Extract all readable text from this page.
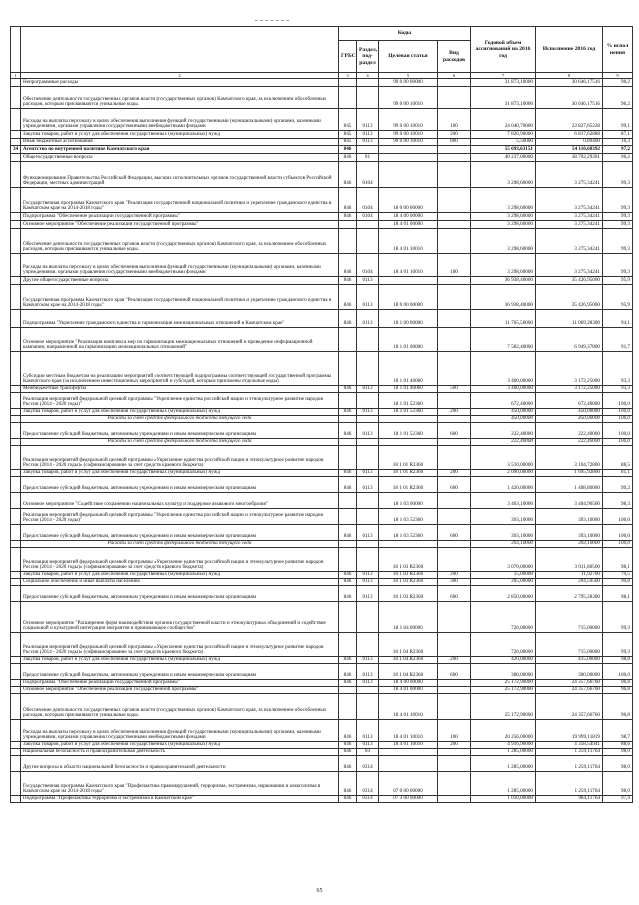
		Коды				Годовой объем ассигнований на 2016 год	Исполнение 2016 год	% испол нения
		ГРБС	Раздел, под-раздел	Целевая статья	Вид расходов			
1	2	3	4	5	6	7	8	9
	Непрограммные расходы			99 0 00 00000		31 873,10000	30 646,17516	96,2
	Обеспечение деятельности государственных органов власти (государственных органов) Камчатского края, за исключением обособленных расходов, которым присваиваются уникальные коды.			99 0 00 10010		31 873,10000	30 646,17516	96,2
	Расходы на выплаты персоналу в целях обеспечения выполнения функций государственными (муниципальными) органами, казенными учреждениями, органами управления государственными внебюджетными фондами	845	0113	99 0 00 10010	100	24 040,70000	23 827,65228	99,1
	Закупка товаров, работ и услуг для обеспечения государственных (муниципальных) нужд	845	0113	99 0 00 10010	200	7 826,90000	6 817,62888	87,1
	Иные бюджетные ассигнования	845	0113	99 0 00 10010	800	5,50000	0,89400	16,3
34	Агентство по внутренней политике Камчатского края	846				55 693,63151	54 110,68392	97,2
	Общегосударственные вопросы	846	01			40 237,00000	38 702,29301	96,2
	Функционирование Правительства Российской Федерации, высших исполнительных органов государственной власти субъектов Российской Федерации, местных администраций	846	0104			3 298,60000	3 275,34241	99,3
	Государственная программа Камчатского края "Реализация государственной национальной политики и укрепление гражданского единства в Камчатском крае на 2014-2018 годы"	846	0104	18 0 00 00000		3 298,60000	3 275,34241	99,3
	Подпрограмма "Обеспечение реализации государственной программы"	846	0104	18 4 00 00000		3 298,60000	3 275,34241	99,3
	Основное мероприятие "Обеспечение реализации государственной программы"			18 4 01 00000		3 298,60000	3 275,34241	99,3
	Обеспечение деятельности государственных органов власти (государственных органов) Камчатского края, за исключением обособленных расходов, которым присваиваются уникальные коды.			18 4 01 10010		3 298,60000	3 275,34241	99,3
	Расходы на выплаты персоналу в целях обеспечения выполнения функций государственными (муниципальными) органами, казенными учреждениями, органами управления государственными внебюджетными фондами	846	0104	18 4 01 10010	100	3 298,60000	3 275,34241	99,3
	Другие общегосударственные вопросы	846	0113			36 938,40000	35 426,95060	95,9
	Государственная программа Камчатского края "Реализация государственной национальной политики и укрепление гражданского единства в Камчатском крае на 2014-2018 годы"	846	0113	18 0 00 00000		36 938,40000	35 426,95060	95,9
	Подпрограмма "Укрепление гражданского единства и гармонизация межнациональных отношений в Камчатском крае"	846	0113	18 1 00 00000		11 765,50000	11 069,28300	94,1
	Основное мероприятие "Реализация комплекса мер по гармонизации межнациональных отношений и проведение информационной кампании, направленной на гармонизацию межнациональных отношений"			18 1 01 00000		7 582,40000	6 949,37800	91,7
	Субсидии местным бюджетам на реализацию мероприятий соответствующей подпрограммы соответствующей государственной программы Камчатского края (за исключением инвестиционных мероприятий и субсидий, которым присвоены отдельные коды)			18 1 01 40060		3 400,00000	3 172,25000	93,3
	Межбюджетные трансферты	846	0113	18 1 01 40060	500	3 400,00000	3 172,25000	93,3
	Реализация мероприятий федеральной целевой программы "Укрепление единства российской нации и этнокультурное развитие народов России (2014 - 2020 годы)"			18 1 01 52360		672,40000	672,40000	100,0
	Закупка товаров, работ и услуг для обеспечения государственных (муниципальных) нужд	846	0113	18 1 01 52360	200	450,00000	450,00000	100,0
	Расходы за счет средств федерального бюджета текущего года					450,00000	450,00000	100,0
	Предоставление субсидий бюджетным, автономным учреждениям и иным некоммерческим организациям	846	0113	18 1 01 52360	600	222,40000	222,40000	100,0
	Расходы за счет средств федерального бюджета текущего года					222,40000	222,40000	100,0
	Реализация мероприятий федеральной целевой программы «Укрепление единства российской нации и этнокультурное развитие народов России (2014 - 2020 годы)» (софинансирование за счет средств краевого бюджета)			18 1 01 R2360		3 510,00000	3 104,72800	88,5
	Закупка товаров, работ и услуг для обеспечения государственных (муниципальных) нужд	846	0113	18 1 01 R2360	200	2 090,00000	1 695,92800	81,1
	Предоставление субсидий бюджетным, автономным учреждениям и иным некоммерческим организациям	846	0113	18 1 01 R2360	600	1 420,00000	1 408,80000	99,2
	Основное мероприятие "Содействие сохранению национальных культур и поддержке языкового многообразия"			18 1 03 00000		3 463,10000	3 404,90500	98,3
	Реализация мероприятий федеральной целевой программы "Укрепление единства российской нации и этнокультурное развитие народов России (2014 - 2020 годы)"			18 1 03 52360		393,10000	393,10000	100,0
	Предоставление субсидий бюджетным, автономным учреждениям и иным некоммерческим организациям	846	0113	18 1 03 52360	600	393,10000	393,10000	100,0
	Расходы за счет средств федерального бюджета текущего года					393,10000	393,10000	100,0
	Реализация мероприятий федеральной целевой программы «Укрепление единства российской нации и этнокультурное развитие народов России (2014 - 2020 годы)» (софинансирование за счет средств краевого бюджета)			18 1 03 R2360		3 070,00000	3 011,80500	98,1
	Закупка товаров, работ и услуг для обеспечения государственных (муниципальных) нужд	846	0113	18 1 03 R2360	200	15,00000	11,92700	79,5
	Социальное обеспечение и иные выплаты населению	846	0113	18 1 03 R2360	300	205,00000	204,59500	99,8
	Предоставление субсидий бюджетным, автономным учреждениям и иным некоммерческим организациям	846	0113	18 1 03 R2360	600	2 850,00000	2 795,28300	98,1
	Основное мероприятие "Расширение форм взаимодействия органов государственной власти и этнокультурных объединений и содействие социальной и культурной интеграции мигрантов в принимающее сообщество"			18 1 04 00000		720,00000	715,00000	99,3
	Реализация мероприятий федеральной целевой программы «Укрепление единства российской нации и этнокультурное развитие народов России (2014 - 2020 годы)» (софинансирование за счет средств краевого бюджета)			18 1 04 R2360		720,00000	715,00000	99,3
	Закупка товаров, работ и услуг для обеспечения государственных (муниципальных) нужд	846	0113	18 1 04 R2360	200	420,00000	415,00000	98,8
	Предоставление субсидий бюджетным, автономным учреждениям и иным некоммерческим организациям	846	0113	18 1 04 R2360	600	300,00000	300,00000	100,0
	Подпрограмма "Обеспечение реализации государственной программы"	846	0113	18 4 00 00000		25 172,90000	24 357,66760	96,8
	Основное мероприятие "Обеспечение реализации государственной программы"			18 4 01 00000		25 172,90000	24 357,66760	96,8
	Обеспечение деятельности государственных органов власти (государственных органов) Камчатского края, за исключением обособленных расходов, которым присваиваются уникальные коды.			18 4 01 10010		25 172,90000	24 357,66760	96,8
	Расходы на выплаты персоналу в целях обеспечения выполнения функций государственными (муниципальными) органами, казенными учреждениями, органами управления государственными внебюджетными фондами	846	0113	18 4 01 10010	100	20 256,00000	19 999,11819	98,7
	Закупка товаров, работ и услуг для обеспечения государственных (муниципальных) нужд	846	0113	18 4 01 10010	200	4 916,90000	4 358,54941	88,6
	Национальная безопасность и правоохранительная деятельность	846	03			1 285,00000	1 259,11764	98,0
	Другие вопросы в области национальной безопасности и правоохранительной деятельности	846	0314			1 285,00000	1 259,11764	98,0
	Государственная программа Камчатского края "Профилактика правонарушений, терроризма, экстремизма, наркомании и алкоголизма в Камчатском крае на 2014-2018 годы"	846	0314	07 0 00 00000		1 285,00000	1 259,11764	98,0
	Подпрограмма "Профилактика терроризма и экстремизма в Камчатском крае"	846	0314	07 3 00 00000		1 010,00000	984,11764	97,4
65
